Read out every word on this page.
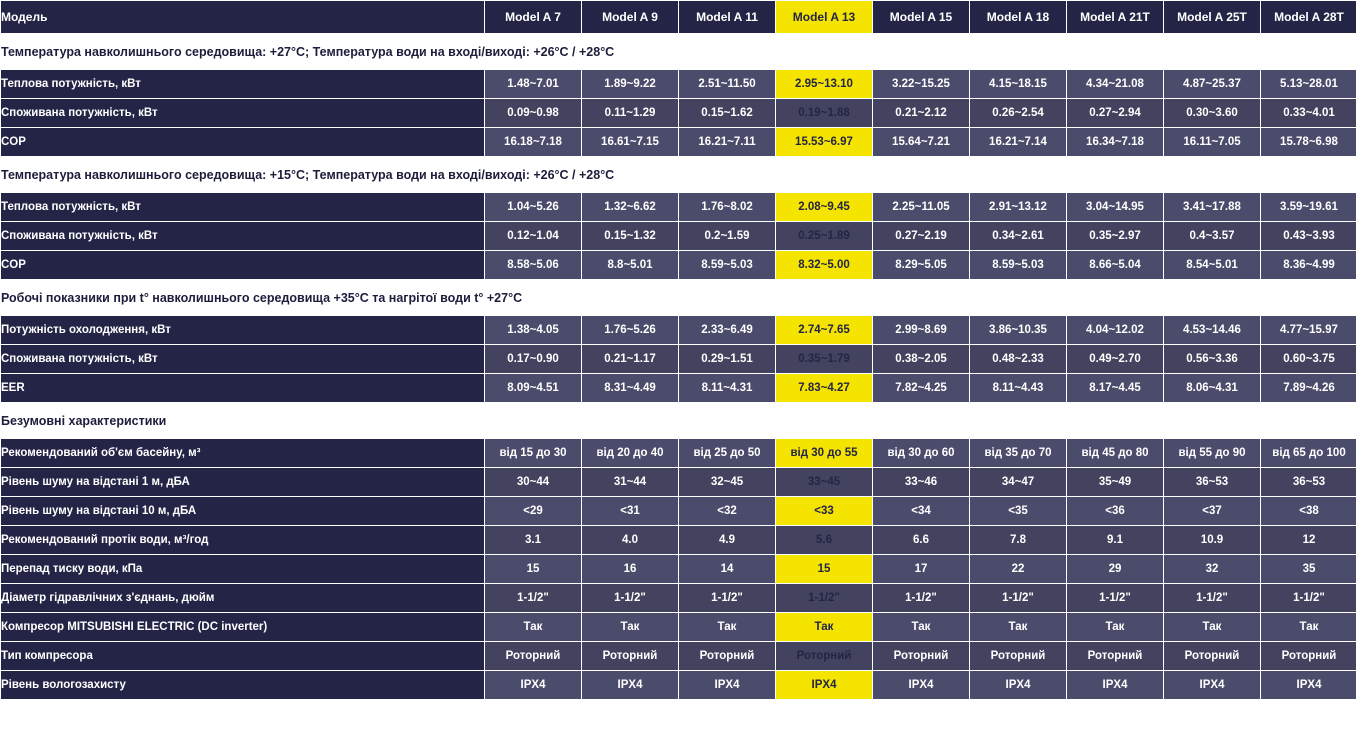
Модель	Model A 7	Model A 9	Model A 11	Model A 13	Model A 15	Model A 18	Model A 21T	Model A 25T	Model A 28T
Температура навколишнього середовища: +27°C; Температура води на вході/виході: +26°C / +28°C									
Теплова потужність, кВт	1.48~7.01	1.89~9.22	2.51~11.50	2.95~13.10	3.22~15.25	4.15~18.15	4.34~21.08	4.87~25.37	5.13~28.01
Споживана потужність, кВт	0.09~0.98	0.11~1.29	0.15~1.62	0.19~1.88	0.21~2.12	0.26~2.54	0.27~2.94	0.30~3.60	0.33~4.01
COP	16.18~7.18	16.61~7.15	16.21~7.11	15.53~6.97	15.64~7.21	16.21~7.14	16.34~7.18	16.11~7.05	15.78~6.98
Температура навколишнього середовища: +15°C; Температура води на вході/виході: +26°C / +28°C									
Теплова потужність, кВт	1.04~5.26	1.32~6.62	1.76~8.02	2.08~9.45	2.25~11.05	2.91~13.12	3.04~14.95	3.41~17.88	3.59~19.61
Споживана потужність, кВт	0.12~1.04	0.15~1.32	0.2~1.59	0.25~1.89	0.27~2.19	0.34~2.61	0.35~2.97	0.4~3.57	0.43~3.93
COP	8.58~5.06	8.8~5.01	8.59~5.03	8.32~5.00	8.29~5.05	8.59~5.03	8.66~5.04	8.54~5.01	8.36~4.99
Робочі показники при t° навколишнього середовища +35°C та нагрітої води t° +27°C									
Потужність охолодження, кВт	1.38~4.05	1.76~5.26	2.33~6.49	2.74~7.65	2.99~8.69	3.86~10.35	4.04~12.02	4.53~14.46	4.77~15.97
Споживана потужність, кВт	0.17~0.90	0.21~1.17	0.29~1.51	0.35~1.79	0.38~2.05	0.48~2.33	0.49~2.70	0.56~3.36	0.60~3.75
EER	8.09~4.51	8.31~4.49	8.11~4.31	7.83~4.27	7.82~4.25	8.11~4.43	8.17~4.45	8.06~4.31	7.89~4.26
Безумовні характеристики									
Рекомендований об'єм басейну, м³	від 15 до 30	від 20 до 40	від 25 до 50	від 30 до 55	від 30 до 60	від 35 до 70	від 45 до 80	від 55 до 90	від 65 до 100
Рівень шуму на відстані 1 м, дБА	30~44	31~44	32~45	33~45	33~46	34~47	35~49	36~53	36~53
Рівень шуму на відстані 10 м, дБА	<29	<31	<32	<33	<34	<35	<36	<37	<38
Рекомендований протік води, м³/год	3.1	4.0	4.9	5.6	6.6	7.8	9.1	10.9	12
Перепад тиску води, кПа	15	16	14	15	17	22	29	32	35
Діаметр гідравлічних з'єднань, дюйм	1-1/2"	1-1/2"	1-1/2"	1-1/2"	1-1/2"	1-1/2"	1-1/2"	1-1/2"	1-1/2"
Компресор MITSUBISHI ELECTRIC (DC inverter)	Так	Так	Так	Так	Так	Так	Так	Так	Так
Тип компресора	Роторний	Роторний	Роторний	Роторний	Роторний	Роторний	Роторний	Роторний	Роторний
Рівень вологозахисту	IPX4	IPX4	IPX4	IPX4	IPX4	IPX4	IPX4	IPX4	IPX4
